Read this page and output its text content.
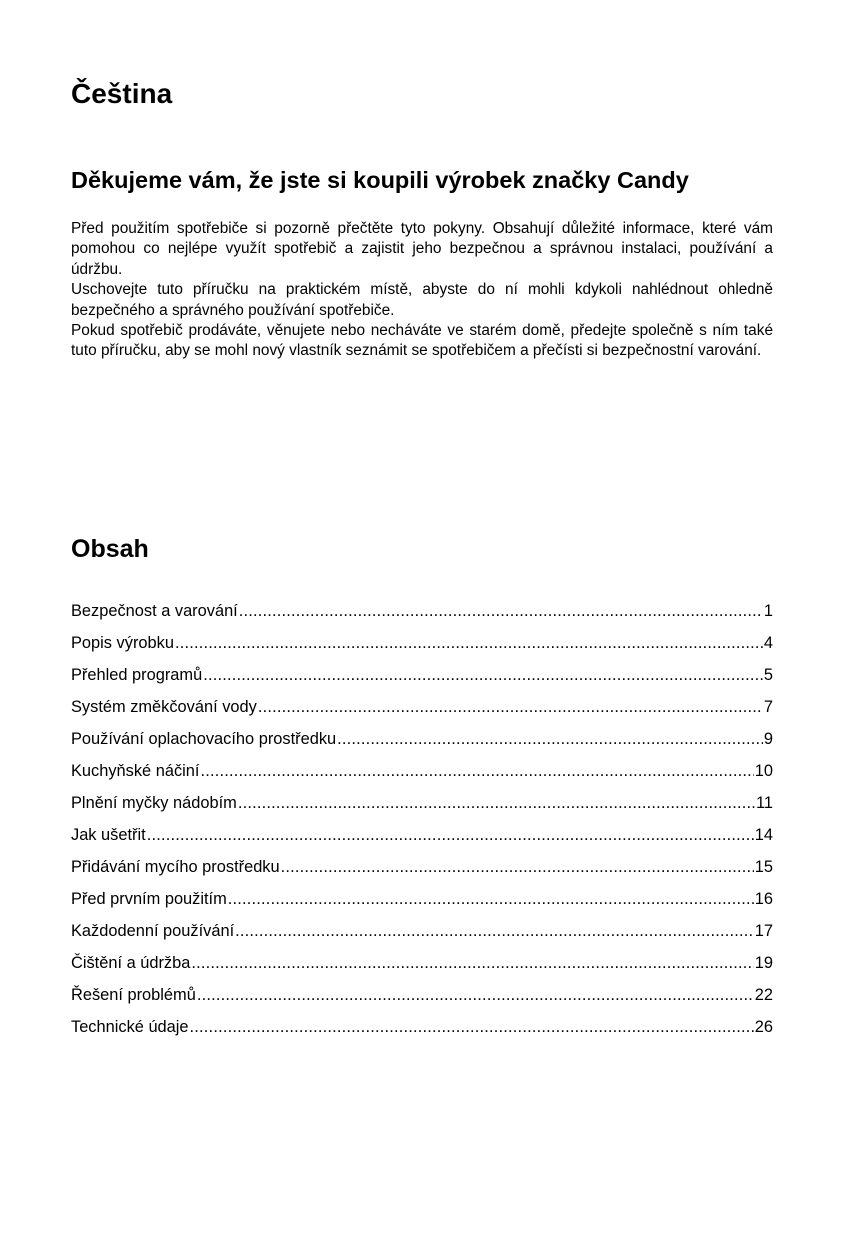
Čeština
Děkujeme vám, že jste si koupili výrobek značky Candy

Před použitím spotřebiče si pozorně přečtěte tyto pokyny. Obsahují důležité informace, které vám pomohou co nejlépe využít spotřebič a zajistit jeho bezpečnou a správnou instalaci, používání a údržbu.

Uschovejte tuto příručku na praktickém místě, abyste do ní mohli kdykoli nahlédnout ohledně bezpečného a správného používání spotřebiče.

Pokud spotřebič prodáváte, věnujete nebo necháváte ve starém domě, předejte společně s ním také tuto příručku, aby se mohl nový vlastník seznámit se spotřebičem a přečísti si bezpečnostní varování.

Obsah
Bezpečnost a varování .....	1
Popis výrobku .....	4
Přehled programů .....	5
Systém změkčování vody .....	7
Používání oplachovacího prostředku .....	9
Kuchyňské náčiní .....	10
Plnění myčky nádobím .....	11
Jak ušetřit .....	14
Přidávání mycího prostředku .....	15
Před prvním použitím .....	16
Každodenní používání .....	17
Čištění a údržba .....	19
Řešení problémů .....	22
Technické údaje .....	26
